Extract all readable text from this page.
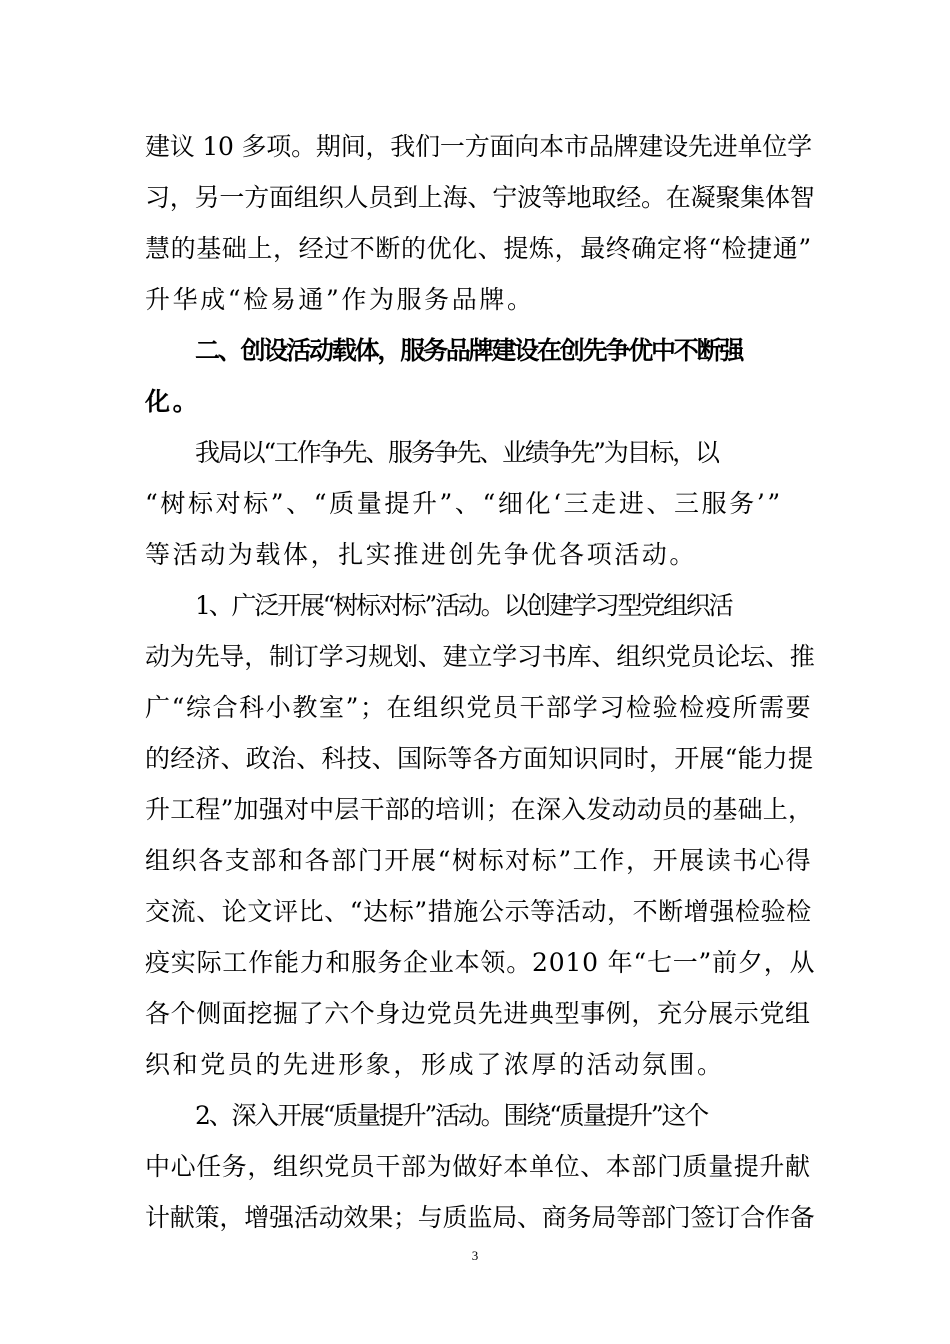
建议 10 多项。期间，我们一方面向本市品牌建设先进单位学
习，另一方面组织人员到上海、宁波等地取经。在凝聚集体智
慧的基础上，经过不断的优化、提炼，最终确定将“检捷通”
升华成“检易通”作为服务品牌。
二、创设活动载体，服务品牌建设在创先争优中不断强
化。
我局以“工作争先、服务争先、业绩争先”为目标，以
“树标对标”、“质量提升”、“细化‘三走进、三服务’”
等活动为载体，扎实推进创先争优各项活动。
1、广泛开展“树标对标”活动。以创建学习型党组织活
动为先导，制订学习规划、建立学习书库、组织党员论坛、推
广“综合科小教室”；在组织党员干部学习检验检疫所需要
的经济、政治、科技、国际等各方面知识同时，开展“能力提
升工程”加强对中层干部的培训；在深入发动动员的基础上，
组织各支部和各部门开展“树标对标”工作，开展读书心得
交流、论文评比、“达标”措施公示等活动，不断增强检验检
疫实际工作能力和服务企业本领。2010 年“七一”前夕，从
各个侧面挖掘了六个身边党员先进典型事例，充分展示党组
织和党员的先进形象，形成了浓厚的活动氛围。
2、深入开展“质量提升”活动。围绕“质量提升”这个
中心任务，组织党员干部为做好本单位、本部门质量提升献
计献策，增强活动效果；与质监局、商务局等部门签订合作备
3
